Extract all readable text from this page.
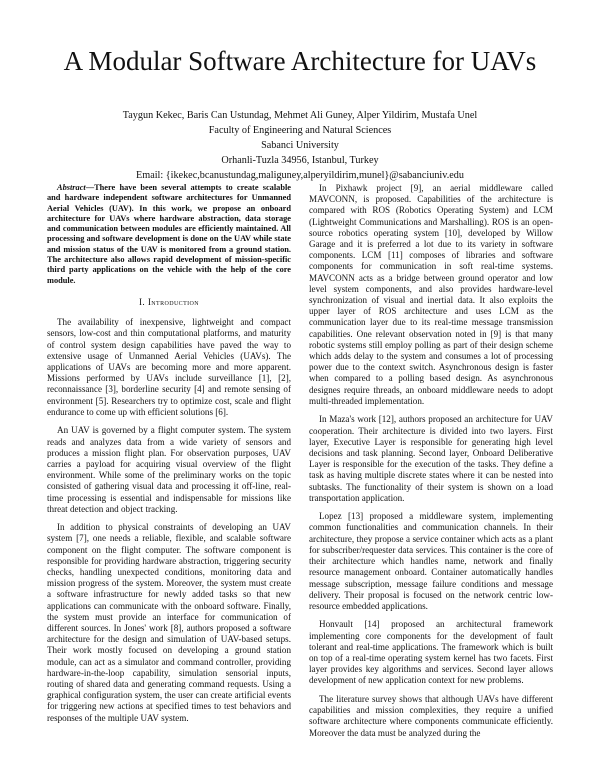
A Modular Software Architecture for UAVs
Taygun Kekec, Baris Can Ustundag, Mehmet Ali Guney, Alper Yildirim, Mustafa Unel
Faculty of Engineering and Natural Sciences
Sabanci University
Orhanli-Tuzla 34956, Istanbul, Turkey
Email: {ikekec,bcanustundag,maliguney,alperyildirim,munel}@sabanciuniv.edu
Abstract—There have been several attempts to create scalable and hardware independent software architectures for Unmanned Aerial Vehicles (UAV). In this work, we propose an onboard architecture for UAVs where hardware abstraction, data storage and communication between modules are efficiently maintained. All processing and software development is done on the UAV while state and mission status of the UAV is monitored from a ground station. The architecture also allows rapid development of mission-specific third party applications on the vehicle with the help of the core module.
I. Introduction

The availability of inexpensive, lightweight and compact sensors, low-cost and thin computational platforms, and maturity of control system design capabilities have paved the way to extensive usage of Unmanned Aerial Vehicles (UAVs). The applications of UAVs are becoming more and more apparent. Missions performed by UAVs include surveillance [1], [2], reconnaissance [3], borderline security [4] and remote sensing of environment [5]. Researchers try to optimize cost, scale and flight endurance to come up with efficient solutions [6].

An UAV is governed by a flight computer system. The system reads and analyzes data from a wide variety of sensors and produces a mission flight plan. For observation purposes, UAV carries a payload for acquiring visual overview of the flight environment. While some of the preliminary works on the topic consisted of gathering visual data and processing it off-line, real-time processing is essential and indispensable for missions like threat detection and object tracking.

In addition to physical constraints of developing an UAV system [7], one needs a reliable, flexible, and scalable software component on the flight computer. The software component is responsible for providing hardware abstraction, triggering security checks, handling unexpected conditions, monitoring data and mission progress of the system. Moreover, the system must create a software infrastructure for newly added tasks so that new applications can communicate with the onboard software. Finally, the system must provide an interface for communication of different sources. In Jones' work [8], authors proposed a software architecture for the design and simulation of UAV-based setups. Their work mostly focused on developing a ground station module, can act as a simulator and command controller, providing hardware-in-the-loop capability, simulation sensorial inputs, routing of shared data and generating command requests. Using a graphical configuration system, the user can create artificial events for triggering new actions at specified times to test behaviors and responses of the multiple UAV system.

In Pixhawk project [9], an aerial middleware called MAVCONN, is proposed. Capabilities of the architecture is compared with ROS (Robotics Operating System) and LCM (Lightweight Communications and Marshalling). ROS is an open-source robotics operating system [10], developed by Willow Garage and it is preferred a lot due to its variety in software components. LCM [11] composes of libraries and software components for communication in soft real-time systems. MAVCONN acts as a bridge between ground operator and low level system components, and also provides hardware-level synchronization of visual and inertial data. It also exploits the upper layer of ROS architecture and uses LCM as the communication layer due to its real-time message transmission capabilities. One relevant observation noted in [9] is that many robotic systems still employ polling as part of their design scheme which adds delay to the system and consumes a lot of processing power due to the context switch. Asynchronous design is faster when compared to a polling based design. As asynchronous designes require threads, an onboard middleware needs to adopt multi-threaded implementation.

In Maza's work [12], authors proposed an architecture for UAV cooperation. Their architecture is divided into two layers. First layer, Executive Layer is responsible for generating high level decisions and task planning. Second layer, Onboard Deliberative Layer is responsible for the execution of the tasks. They define a task as having multiple discrete states where it can be nested into subtasks. The functionality of their system is shown on a load transportation application.

Lopez [13] proposed a middleware system, implementing common functionalities and communication channels. In their architecture, they propose a service container which acts as a plant for subscriber/requester data services. This container is the core of their architecture which handles name, network and finally resource management onboard. Container automatically handles message subscription, message failure conditions and message delivery. Their proposal is focused on the network centric low-resource embedded applications.

Honvault [14] proposed an architectural framework implementing core components for the development of fault tolerant and real-time applications. The framework which is built on top of a real-time operating system kernel has two facets. First layer provides key algorithms and services. Second layer allows development of new application context for new problems.

The literature survey shows that although UAVs have different capabilities and mission complexities, they require a unified software architecture where components communicate efficiently. Moreover the data must be analyzed during the
